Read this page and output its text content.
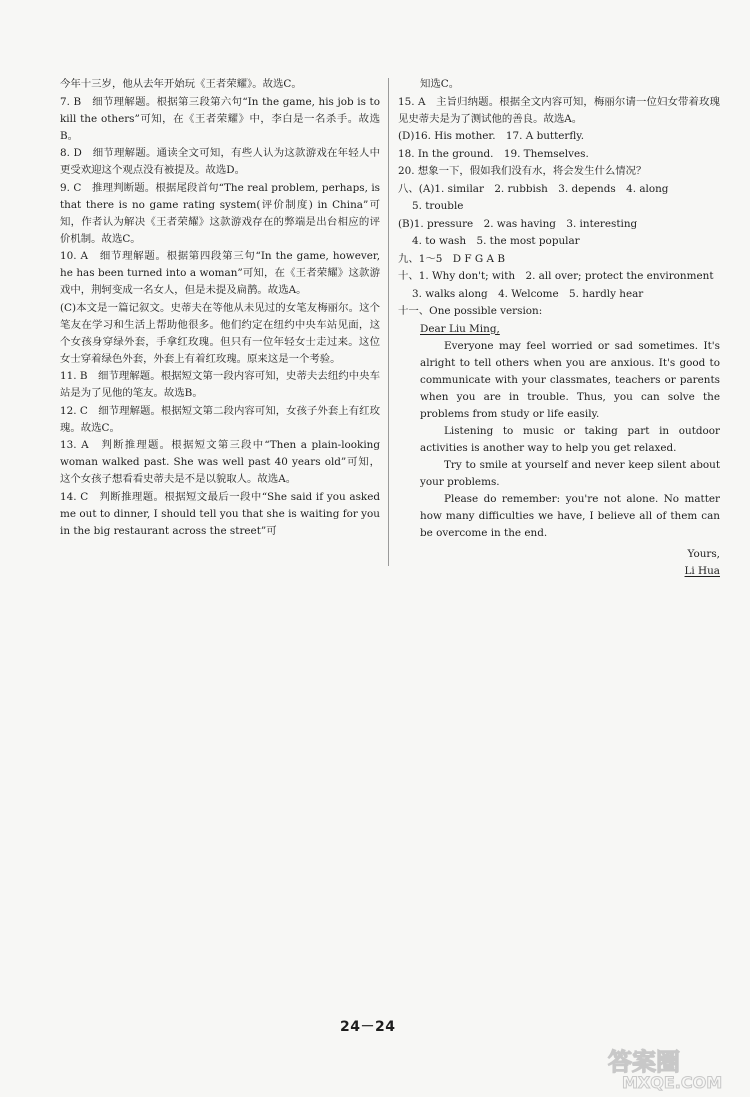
今年十三岁，他从去年开始玩《王者荣耀》。故选C。

7. B　细节理解题。根据第三段第六句“In the game, his job is to kill the others”可知，在《王者荣耀》中，李白是一名杀手。故选B。

8. D　细节理解题。通读全文可知，有些人认为这款游戏在年轻人中更受欢迎这个观点没有被提及。故选D。

9. C　推理判断题。根据尾段首句“The real problem, perhaps, is that there is no game rating system(评价制度) in China”可知，作者认为解决《王者荣耀》这款游戏存在的弊端是出台相应的评价机制。故选C。

10. A　细节理解题。根据第四段第三句“In the game, however, he has been turned into a woman”可知，在《王者荣耀》这款游戏中，荆轲变成一名女人，但是未提及扁鹊。故选A。

(C)本文是一篇记叙文。史蒂夫在等他从未见过的女笔友梅丽尔。这个笔友在学习和生活上帮助他很多。他们约定在纽约中央车站见面，这个女孩身穿绿外套，手拿红玫瑰。但只有一位年轻女士走过来。这位女士穿着绿色外套，外套上有着红玫瑰。原来这是一个考验。

11. B　细节理解题。根据短文第一段内容可知，史蒂夫去纽约中央车站是为了见他的笔友。故选B。

12. C　细节理解题。根据短文第二段内容可知，女孩子外套上有红玫瑰。故选C。

13. A　判断推理题。根据短文第三段中“Then a plain-looking woman walked past. She was well past 40 years old”可知，这个女孩子想看看史蒂夫是不是以貌取人。故选A。

14. C　判断推理题。根据短文最后一段中“She said if you asked me out to dinner, I should tell you that she is waiting for you in the big restaurant across the street”可

知选C。

15. A　主旨归纳题。根据全文内容可知，梅丽尔请一位妇女带着玫瑰见史蒂夫是为了测试他的善良。故选A。

(D)16. His mother.　17. A butterfly.

18. In the ground.　19. Themselves.

20. 想象一下，假如我们没有水，将会发生什么情况？

八、(A)1. similar　2. rubbish　3. depends　4. along

5. trouble

(B)1. pressure　2. was having　3. interesting

4. to wash　5. the most popular

九、1～5　D F G A B

十、1. Why don't; with　2. all over; protect the environment

3. walks along　4. Welcome　5. hardly hear

十一、One possible version:

Dear Liu Ming,

Everyone may feel worried or sad sometimes. It's alright to tell others when you are anxious. It's good to communicate with your classmates, teachers or parents when you are in trouble. Thus, you can solve the problems from study or life easily.

Listening to music or taking part in outdoor activities is another way to help you get relaxed.

Try to smile at yourself and never keep silent about your problems.

Please do remember: you're not alone. No matter how many difficulties we have, I believe all of them can be overcome in the end.

Yours,

Li Hua

24－24
答案圈
MXQE.COM
